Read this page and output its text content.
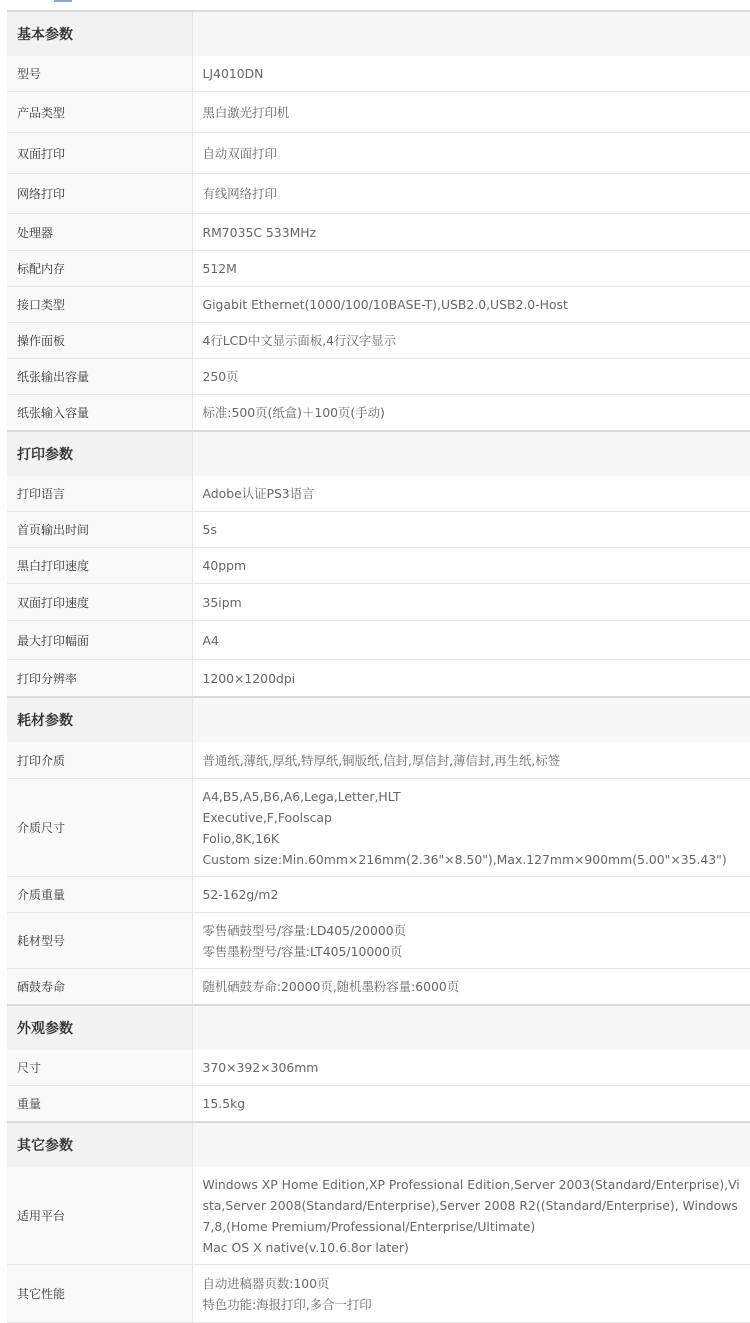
基本参数	
型号	LJ4010DN

产品类型	黑白激光打印机

双面打印	自动双面打印

网络打印	有线网络打印

处理器	RM7035C 533MHz

标配内存	512M

接口类型	Gigabit Ethernet(1000/100/10BASE-T),USB2.0,USB2.0-Host

操作面板	4行LCD中文显示面板,4行汉字显示

纸张输出容量	250页

纸张输入容量	标准:500页(纸盒)＋100页(手动)

打印参数	
打印语言	Adobe认证PS3语言

首页输出时间	5s

黑白打印速度	40ppm

双面打印速度	35ipm

最大打印幅面	A4

打印分辨率	1200×1200dpi

耗材参数	
打印介质	普通纸,薄纸,厚纸,特厚纸,铜版纸,信封,厚信封,薄信封,再生纸,标签

介质尺寸	A4,B5,A5,B6,A6,Lega,Letter,HLT
Executive,F,Foolscap
Folio,8K,16K
Custom size:Min.60mm×216mm(2.36"×8.50"),Max.127mm×900mm(5.00"×35.43")

介质重量	52-162g/m2

耗材型号	零售硒鼓型号/容量:LD405/20000页
零售墨粉型号/容量:LT405/10000页

硒鼓寿命	随机硒鼓寿命:20000页,随机墨粉容量:6000页

外观参数	
尺寸	370×392×306mm

重量	15.5kg

其它参数	
适用平台	Windows XP Home Edition,XP Professional Edition,Server 2003(Standard/Enterprise),Vista,Server 2008(Standard/Enterprise),Server 2008 R2((Standard/Enterprise), Windows7,8,(Home Premium/Professional/Enterprise/Ultimate)
Mac OS X native(v.10.6.8or later)

其它性能	自动进稿器页数:100页
特色功能:海报打印,多合一打印
